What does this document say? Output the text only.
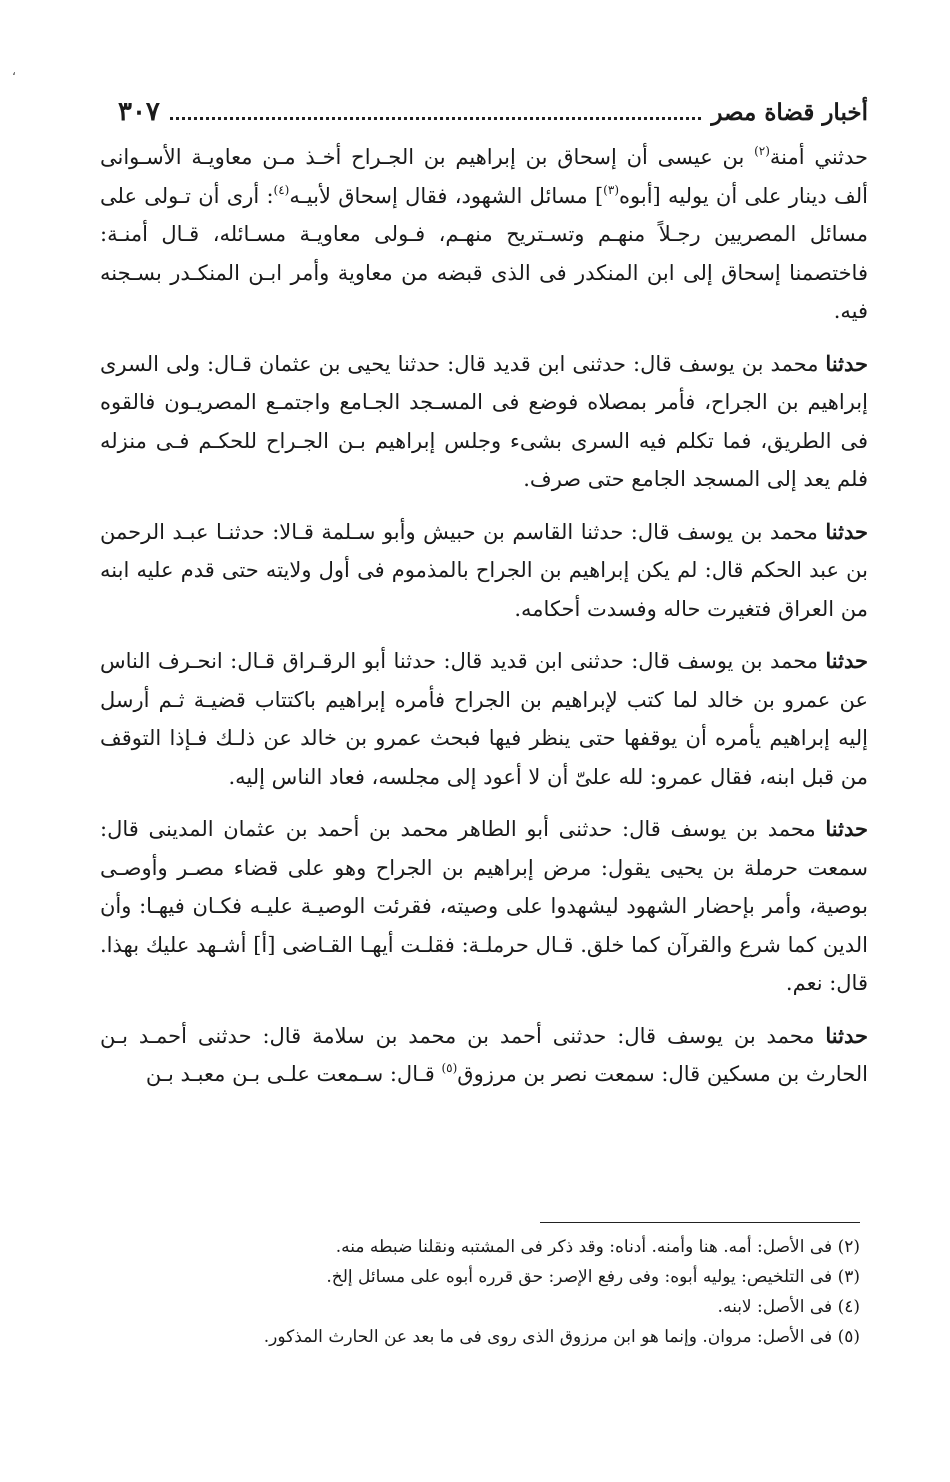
،
أخبار قضاة مصر
٣٠٧

حدثني أمنة$^{(٢)}$ بن عيسى أن إسحاق بن إبراهيم بن الجـراح أخـذ مـن معاويـة الأسـوانى ألف دينار على أن يوليه [أبوه$^{(٣)}$] مسائل الشهود، فقال إسحاق لأبيـه$^{(٤)}$: أرى أن تـولى على مسائل المصريين رجـلاً منهـم وتسـتريح منهـم، فـولى معاويـة مسـائله، قـال أمنـة: فاختصمنا إسحاق إلى ابن المنكدر فى الذى قبضه من معاوية وأمر ابـن المنكـدر بسـجنه فيه.

حدثنا محمد بن يوسف قال: حدثنى ابن قديد قال: حدثنا يحيى بن عثمان قـال: ولى السرى إبراهيم بن الجراح، فأمر بمصلاه فوضع فى المسـجد الجـامع واجتمـع المصريـون فالقوه فى الطريق، فما تكلم فيه السرى بشىء وجلس إبراهيم بـن الجـراح للحكـم فـى منزله فلم يعد إلى المسجد الجامع حتى صرف.

حدثنا محمد بن يوسف قال: حدثنا القاسم بن حبيش وأبو سـلمة قـالا: حدثنـا عبـد الرحمن بن عبد الحكم قال: لم يكن إبراهيم بن الجراح بالمذموم فى أول ولايته حتى قدم عليه ابنه من العراق فتغيرت حاله وفسدت أحكامه.

حدثنا محمد بن يوسف قال: حدثنى ابن قديد قال: حدثنا أبو الرقـراق قـال: انحـرف الناس عن عمرو بن خالد لما كتب لإبراهيم بن الجراح فأمره إبراهيم باكتتاب قضيـة ثـم أرسل إليه إبراهيم يأمره أن يوقفها حتى ينظر فيها فبحث عمرو بن خالد عن ذلـك فـإذا التوقف من قبل ابنه، فقال عمرو: لله علىّ أن لا أعود إلى مجلسه، فعاد الناس إليه.

حدثنا محمد بن يوسف قال: حدثنى أبو الطاهر محمد بن أحمد بن عثمان المدينى قال: سمعت حرملة بن يحيى يقول: مرض إبراهيم بن الجراح وهو على قضاء مصـر وأوصـى بوصية، وأمر بإحضار الشهود ليشهدوا على وصيته، فقرئت الوصيـة عليـه فكـان فيهـا: وأن الدين كما شرع والقرآن كما خلق. قـال حرملـة: فقلـت أيهـا القـاضى [أ] أشـهد عليك بهذا. قال: نعم.

حدثنا محمد بن يوسف قال: حدثنى أحمد بن محمد بن سلامة قال: حدثنى أحمـد بـن الحارث بن مسكين قال: سمعت نصر بن مرزوق$^{(٥)}$ قـال: سـمعت علـى بـن معبـد بـن

(٢) فى الأصل: أمه. هنا وأمنه. أدناه: وقد ذكر فى المشتبه ونقلنا ضبطه منه.

(٣) فى التلخيص: يوليه أبوه: وفى رفع الإصر: حق قرره أبوه على مسائل إلخ.

(٤) فى الأصل: لابنه.

(٥) فى الأصل: مروان. وإنما هو ابن مرزوق الذى روى فى ما بعد عن الحارث المذكور.
